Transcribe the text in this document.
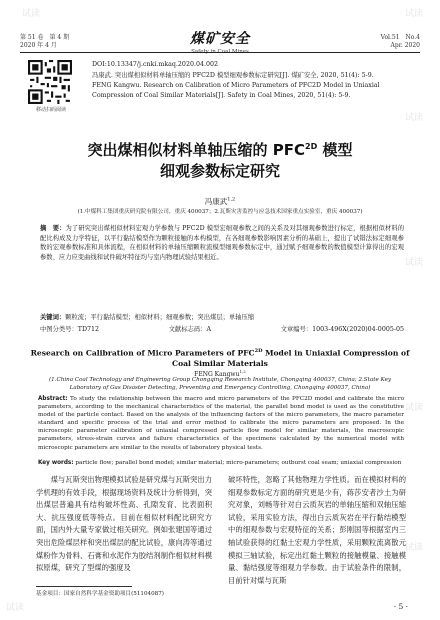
第 51 卷　第 4 期
2020 年 4 月	煤矿安全
Safety in Coal Mines
Vol.51　No.4
Apr. 2020
移动扫码阅读
DOI:10.13347/j.cnki.mkaq.2020.04.002
冯康武. 突出煤相似材料单轴压缩的 PFC2D 模型细观参数标定研究[J]. 煤矿安全, 2020, 51(4): 5-9.
FENG Kangwu. Research on Calibration of Micro Parameters of PFC2D Model in Uniaxial Compression of Coal Similar Materials[J]. Safety in Coal Mines, 2020, 51(4): 5-9.
突出煤相似材料单轴压缩的 $PFC^{2D}$ 模型
细观参数标定研究
冯康武$^{1,2}$
(1.中煤科工集团重庆研究院有限公司，重庆 400037；2.瓦斯灾害监控与应急技术国家重点实验室，重庆 400037)
摘　要：为了研究突出煤相似材料宏观力学参数与 PFC2D 模型宏细观参数之间的关系及对其细观参数进行标定，根据相似材料的配比构成及力学特征，以平行黏结模型作为颗粒接触的本构模型，在各细观参数影响因素分析的基础上，提出了试错法标定细观参数的宏观参数标准和具体流程，在相似材料的单轴压缩颗粒流模型细观参数标定中，通过赋予细观参数的数值模型计算得出的宏观参数、应力应变曲线和试件破坏特征均与室内物理试验结果相近。
关键词：颗粒流；平行黏结模型；相似材料；细观参数；突出煤层；单轴压缩
中图分类号：TD712	文献标志码：A	文章编号：1003-496X(2020)04-0005-05
Research on Calibration of Micro Parameters of $PFC^{2D}$ Model in Uniaxial Compression of
Coal Similar Materials
FENG Kangwu$^{1,2}$
(1.China Coal Technology and Engineering Group Chongqing Research Institute, Chongqing 400037, China; 2.State Key Laboratory of Gas Disaster Detecting, Preventing and Emergency Controlling, Chongqing 400037, China)
Abstract: To study the relationship between the macro and micro parameters of the PFC2D model and calibrate the micro parameters, according to the mechanical characteristics of the material, the parallel bond model is used as the constitutive model of the particle contact. Based on the analysis of the influencing factors of the micro parameters, the macro parameter standard and specific process of the trial and error method to calibrate the micro parameters are proposed. In the microscopic parameter calibration of uniaxial compressed particle flow model for similar materials, the macroscopic parameters, stress-strain curves and failure characteristics of the specimens calculated by the numerical model with microscopic parameters are similar to the results of laboratory physical tests.
Key words: particle flow; parallel bond model; similar material; micro-parameters; outburst coal seam; uniaxial compression
煤与瓦斯突出物理模拟试验是研究煤与瓦斯突出力学机理的有效手段，根据现场资料及统计分析得到，突出煤层普遍具有结构破坏性高、孔隙发育、比表面积大、抗压强度低等特点。目前在相似材料配比研究方面，国内外大量专家做过相关研究。例如张建国等通过突出危险煤层样和突出煤层的配比试验，康向涛等通过煤粉作为骨料、石膏和水泥作为胶结剂制作相似材料模拟原煤，研究了型煤的强度及
破坏特性，忽略了其他物理力学性质。而在模拟材料的细观参数标定方面的研究更是少有，蒋莎安者沙土为研究对象，刘畅等针对白云质灰岩的单轴压缩和双轴压缩试验，采用实验方法，得出白云质灰岩在平行黏结模型中的细观参数与宏观特征的关系；彭刚国等根据室内三轴试验获得的红黏土宏观力学性质，采用颗粒流离散元模拟三轴试验，标定出红黏土颗粒的接触模量、接触模量、黏结强度等细观力学参数。由于试验条件的限制，目前针对煤与瓦斯
基金项目：国家自然科学基金资助项目(51104087)
· 5 ·
试读	试读
试读
试读
试读
试读
试读
